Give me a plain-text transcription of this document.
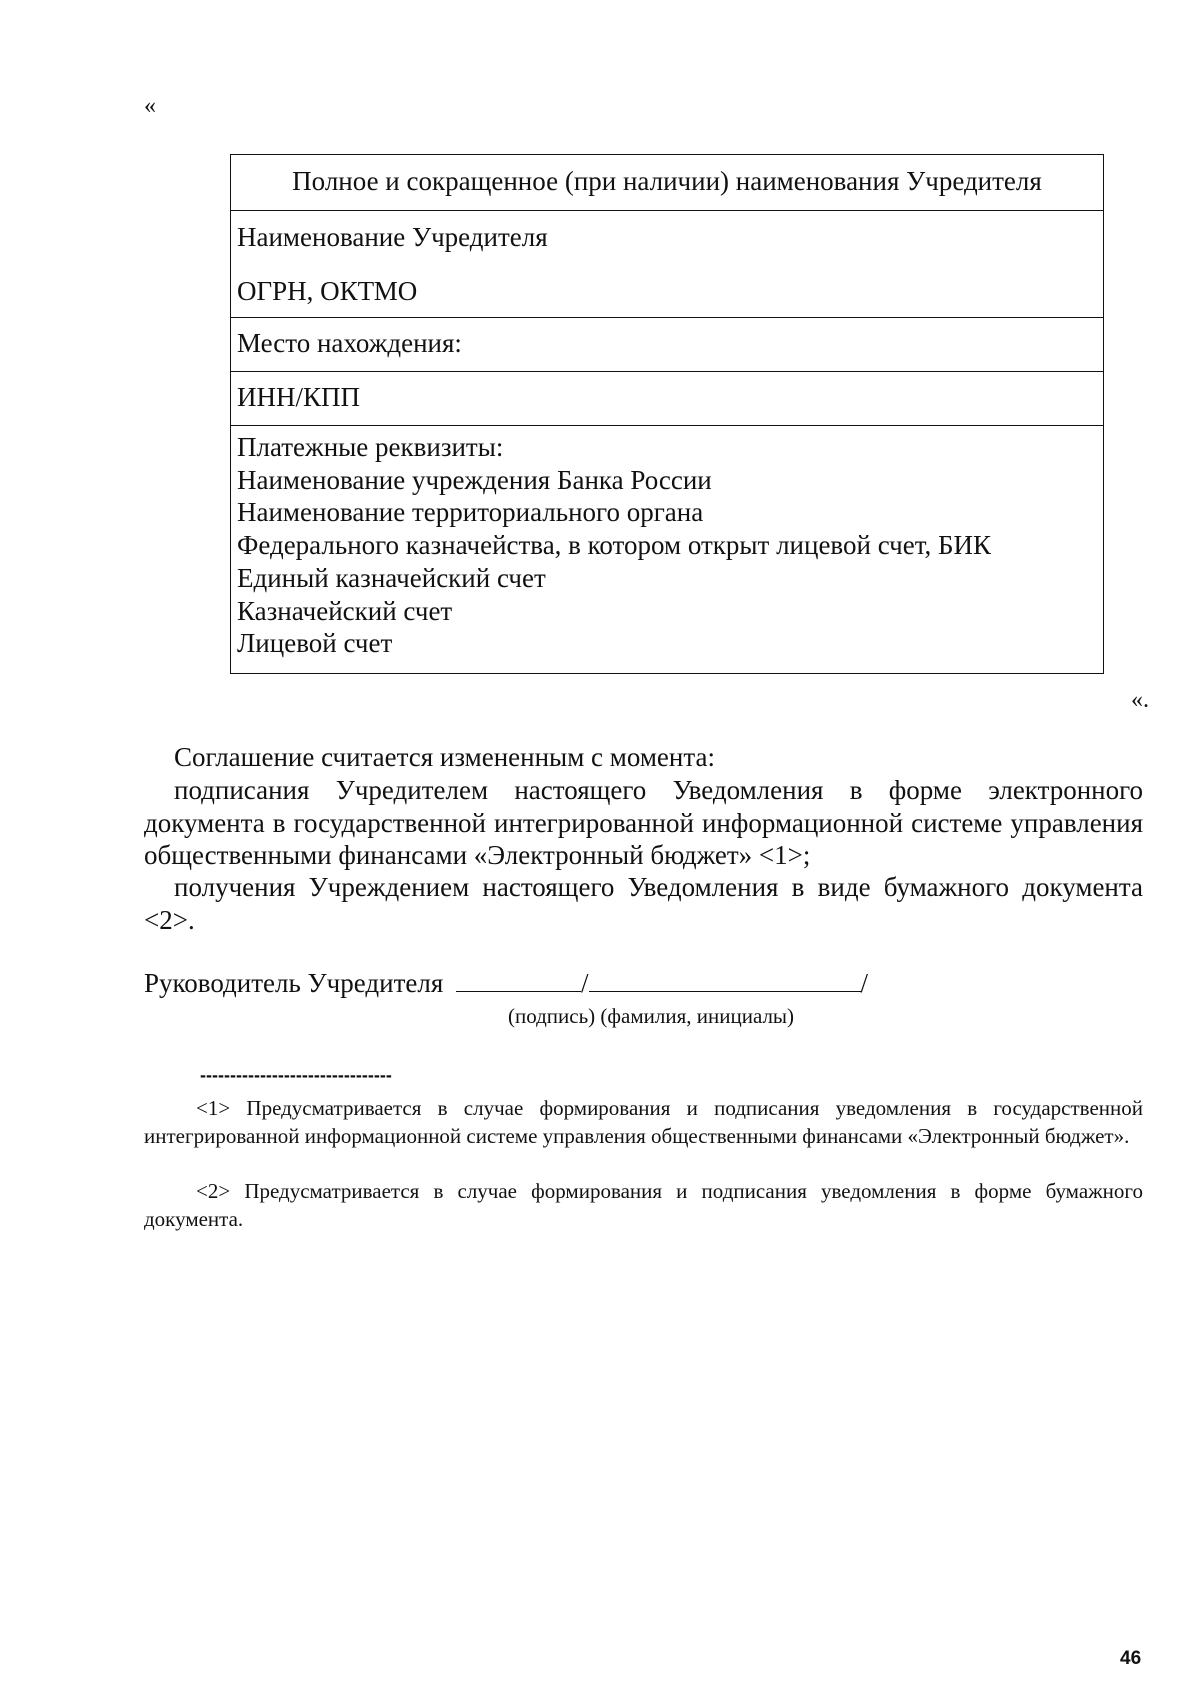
«
Полное и сокращенное (при наличии) наименования Учредителя
Наименование Учредителя
ОГРН, ОКТМО
Место нахождения:
ИНН/КПП
Платежные реквизиты:
Наименование учреждения Банка России
Наименование территориального органа
Федерального казначейства, в котором открыт лицевой счет, БИК
Единый казначейский счет
Казначейский счет
Лицевой счет
«.
Соглашение считается измененным с момента:
подписания Учредителем настоящего Уведомления в форме электронного документа в государственной интегрированной информационной системе управления общественными финансами «Электронный бюджет» <1>;
получения Учреждением настоящего Уведомления в виде бумажного документа <2>.
Руководитель Учредителя	/	/
(подпись) (фамилия, инициалы)
--------------------------------
<1> Предусматривается в случае формирования и подписания уведомления в государственной интегрированной информационной системе управления общественными финансами «Электронный бюджет».
<2> Предусматривается в случае формирования и подписания уведомления в форме бумажного документа.
46
